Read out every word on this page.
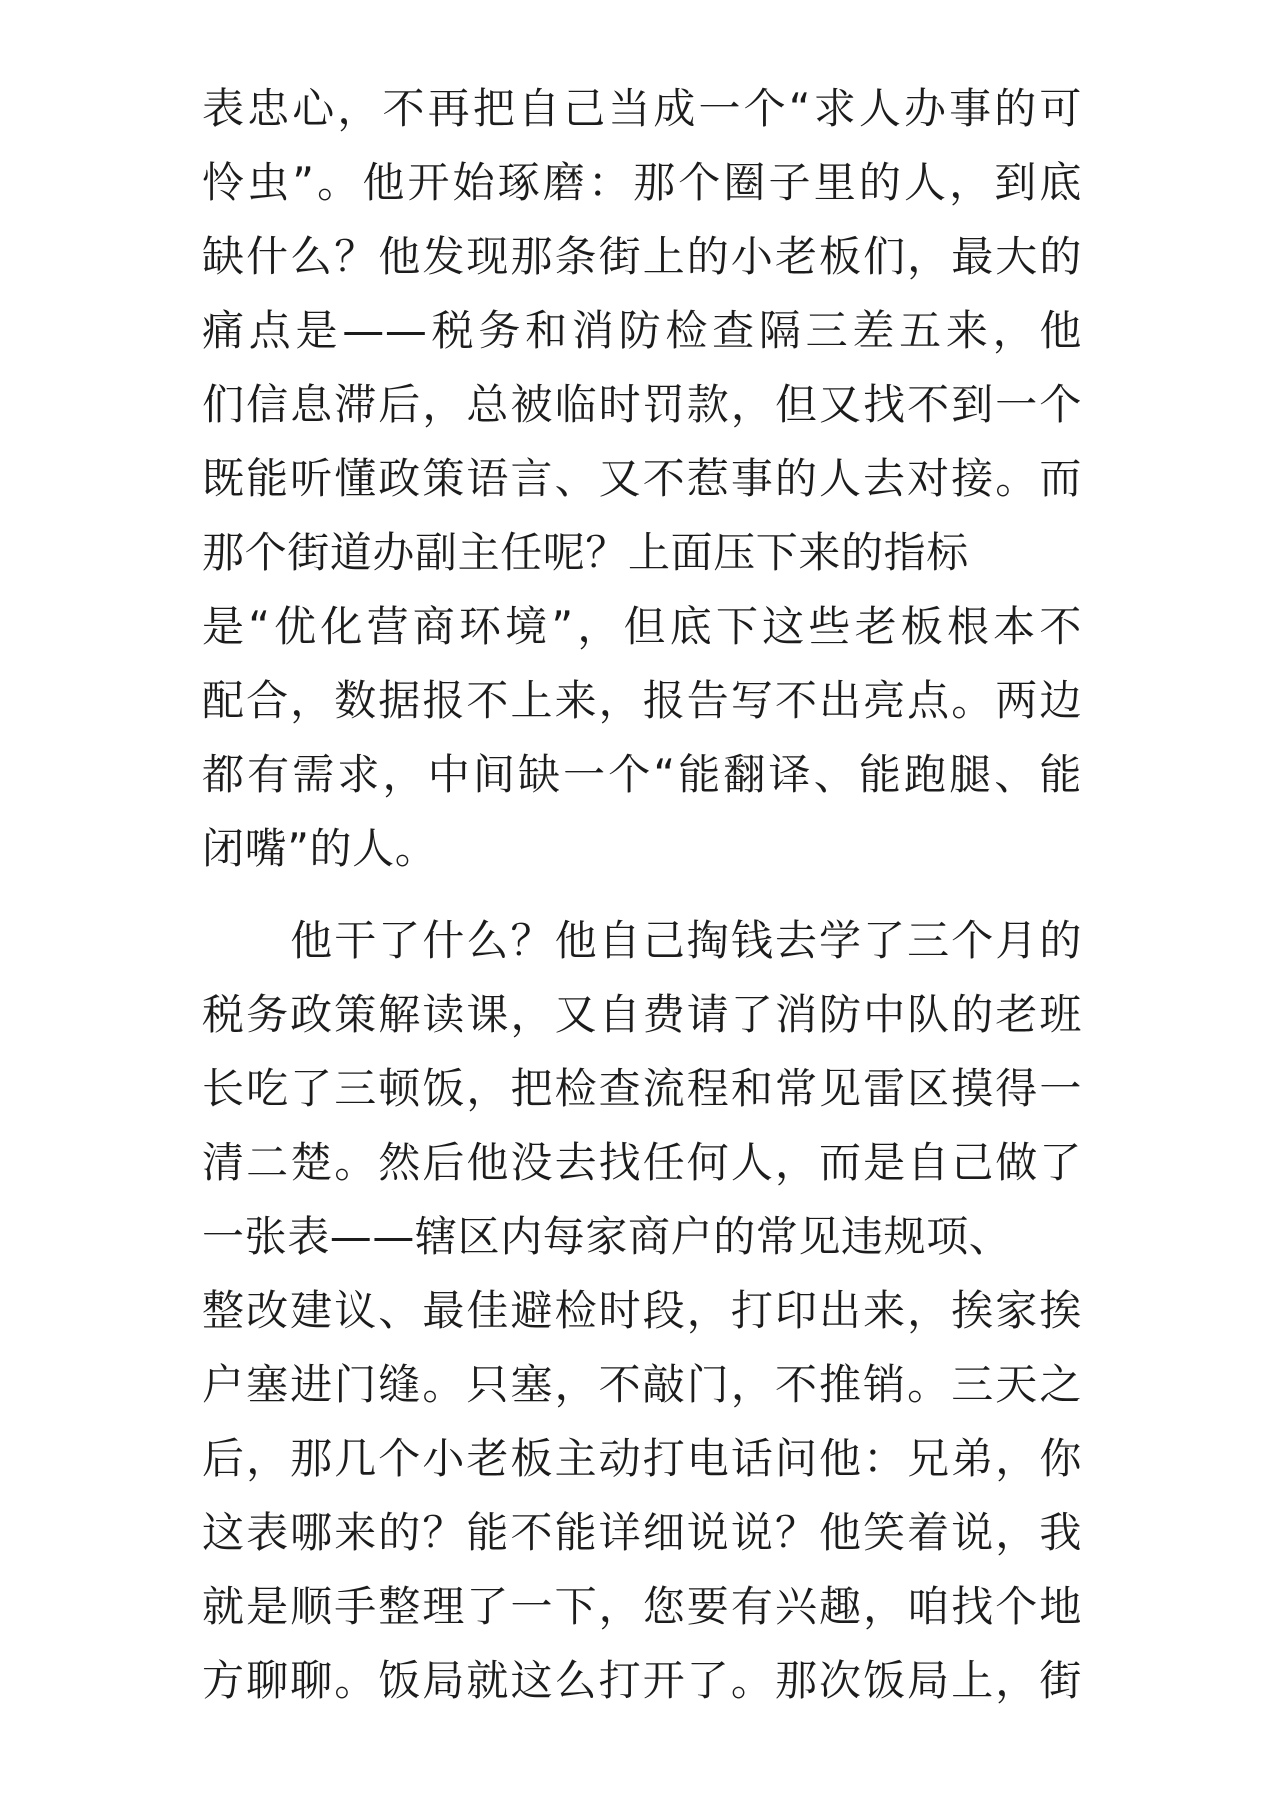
表忠心，不再把自己当成一个“求人办事的可
怜虫”。他开始琢磨：那个圈子里的人，到底
缺什么？他发现那条街上的小老板们，最大的
痛点是——税务和消防检查隔三差五来，他
们信息滞后，总被临时罚款，但又找不到一个
既能听懂政策语言、又不惹事的人去对接。而
那个街道办副主任呢？上面压下来的指标
是“优化营商环境”，但底下这些老板根本不
配合，数据报不上来，报告写不出亮点。两边
都有需求，中间缺一个“能翻译、能跑腿、能
闭嘴”的人。
　　他干了什么？他自己掏钱去学了三个月的
税务政策解读课，又自费请了消防中队的老班
长吃了三顿饭，把检查流程和常见雷区摸得一
清二楚。然后他没去找任何人，而是自己做了
一张表——辖区内每家商户的常见违规项、
整改建议、最佳避检时段，打印出来，挨家挨
户塞进门缝。只塞，不敲门，不推销。三天之
后，那几个小老板主动打电话问他：兄弟，你
这表哪来的？能不能详细说说？他笑着说，我
就是顺手整理了一下，您要有兴趣，咱找个地
方聊聊。饭局就这么打开了。那次饭局上，街
